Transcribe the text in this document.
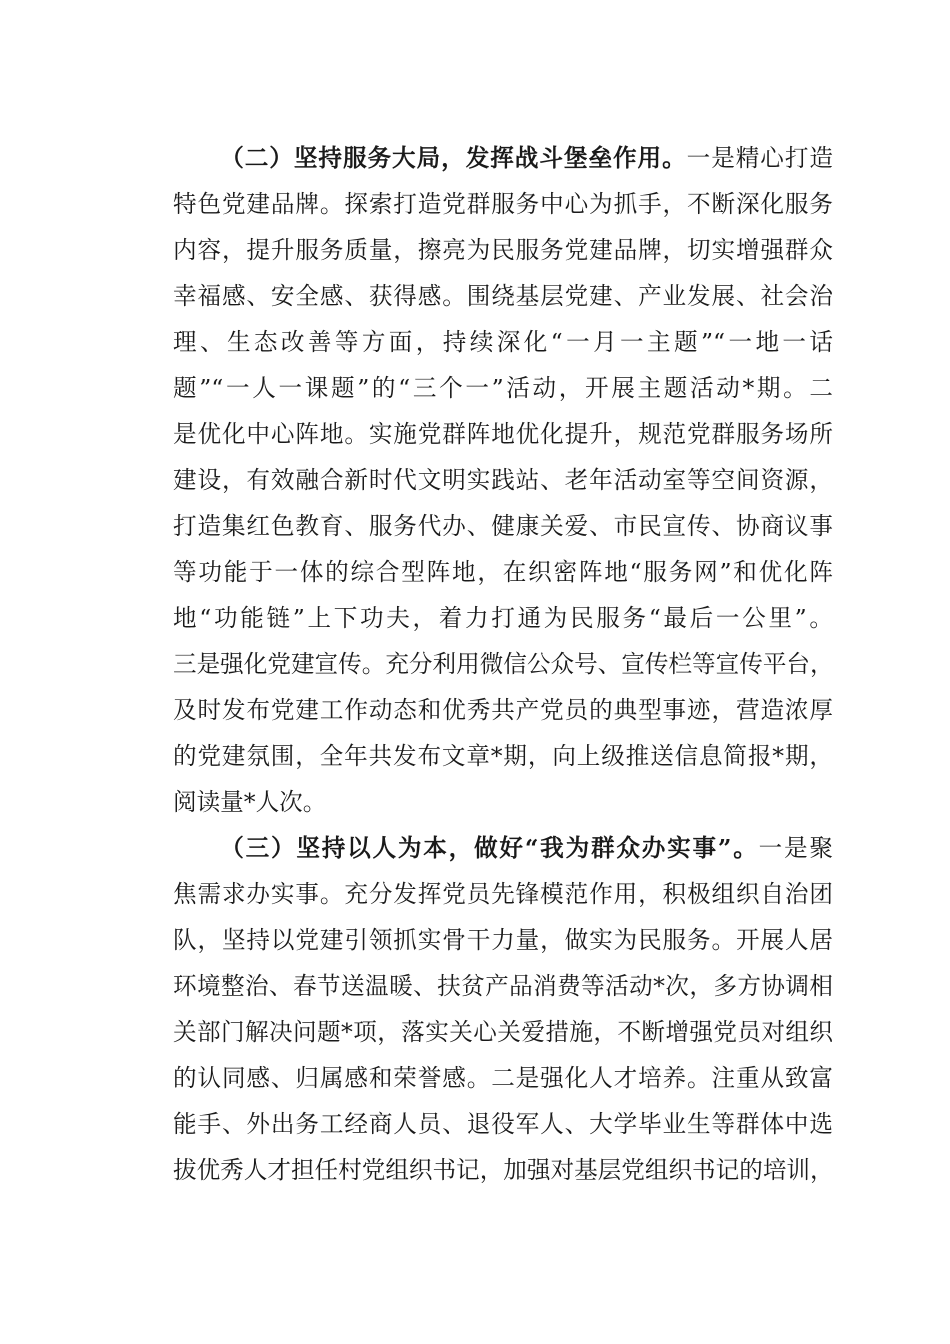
（二）坚持服务大局，发挥战斗堡垒作用。一是精心打造
特色党建品牌。探索打造党群服务中心为抓手，不断深化服务
内容，提升服务质量，擦亮为民服务党建品牌，切实增强群众
幸福感、安全感、获得感。围绕基层党建、产业发展、社会治
理、生态改善等方面，持续深化“一月一主题”“一地一话
题”“一人一课题”的“三个一”活动，开展主题活动*期。二
是优化中心阵地。实施党群阵地优化提升，规范党群服务场所
建设，有效融合新时代文明实践站、老年活动室等空间资源，
打造集红色教育、服务代办、健康关爱、市民宣传、协商议事
等功能于一体的综合型阵地，在织密阵地“服务网”和优化阵
地“功能链”上下功夫，着力打通为民服务“最后一公里”。
三是强化党建宣传。充分利用微信公众号、宣传栏等宣传平台，
及时发布党建工作动态和优秀共产党员的典型事迹，营造浓厚
的党建氛围，全年共发布文章*期，向上级推送信息简报*期，
阅读量*人次。
（三）坚持以人为本，做好“我为群众办实事”。一是聚
焦需求办实事。充分发挥党员先锋模范作用，积极组织自治团
队，坚持以党建引领抓实骨干力量，做实为民服务。开展人居
环境整治、春节送温暖、扶贫产品消费等活动*次，多方协调相
关部门解决问题*项，落实关心关爱措施，不断增强党员对组织
的认同感、归属感和荣誉感。二是强化人才培养。注重从致富
能手、外出务工经商人员、退役军人、大学毕业生等群体中选
拔优秀人才担任村党组织书记，加强对基层党组织书记的培训，
